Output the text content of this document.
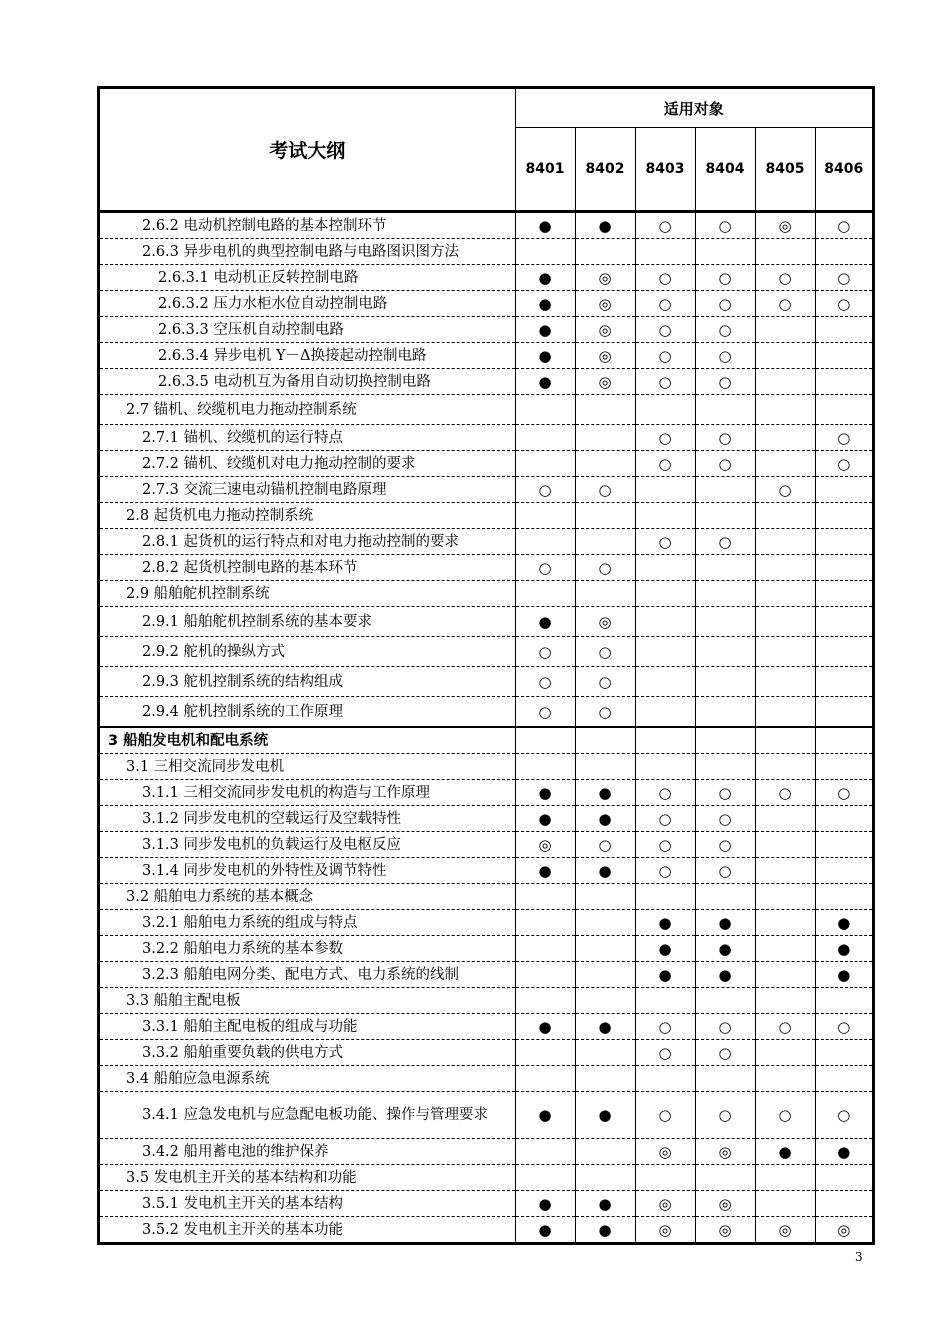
考试大纲	适用对象					
	8401	8402	8403	8404	8405	8406
2.6.2 电动机控制电路的基本控制环节	●	●	○	○	◎	○
2.6.3 异步电机的典型控制电路与电路图识图方法						
2.6.3.1 电动机正反转控制电路	●	◎	○	○	○	○
2.6.3.2 压力水柜水位自动控制电路	●	◎	○	○	○	○
2.6.3.3 空压机自动控制电路	●	◎	○	○		
2.6.3.4 异步电机 Y－Δ换接起动控制电路	●	◎	○	○		
2.6.3.5 电动机互为备用自动切换控制电路	●	◎	○	○		
2.7 锚机、绞缆机电力拖动控制系统						
2.7.1 锚机、绞缆机的运行特点			○	○		○
2.7.2 锚机、绞缆机对电力拖动控制的要求			○	○		○
2.7.3 交流三速电动锚机控制电路原理	○	○			○	
2.8 起货机电力拖动控制系统						
2.8.1 起货机的运行特点和对电力拖动控制的要求			○	○		
2.8.2 起货机控制电路的基本环节	○	○				
2.9 船舶舵机控制系统						
2.9.1 船舶舵机控制系统的基本要求	●	◎				
2.9.2 舵机的操纵方式	○	○				
2.9.3 舵机控制系统的结构组成	○	○				
2.9.4 舵机控制系统的工作原理	○	○				
3 船舶发电机和配电系统						
3.1 三相交流同步发电机						
3.1.1 三相交流同步发电机的构造与工作原理	●	●	○	○	○	○
3.1.2 同步发电机的空载运行及空载特性	●	●	○	○		
3.1.3 同步发电机的负载运行及电枢反应	◎	○	○	○		
3.1.4 同步发电机的外特性及调节特性	●	●	○	○		
3.2 船舶电力系统的基本概念						
3.2.1 船舶电力系统的组成与特点			●	●		●
3.2.2 船舶电力系统的基本参数			●	●		●
3.2.3 船舶电网分类、配电方式、电力系统的线制			●	●		●
3.3 船舶主配电板						
3.3.1 船舶主配电板的组成与功能	●	●	○	○	○	○
3.3.2 船舶重要负载的供电方式			○	○		
3.4 船舶应急电源系统						
3.4.1 应急发电机与应急配电板功能、操作与管理要求	●	●	○	○	○	○
3.4.2 船用蓄电池的维护保养			◎	◎	●	●
3.5 发电机主开关的基本结构和功能						
3.5.1 发电机主开关的基本结构	●	●	◎	◎		
3.5.2 发电机主开关的基本功能	●	●	◎	◎	◎	◎
3
